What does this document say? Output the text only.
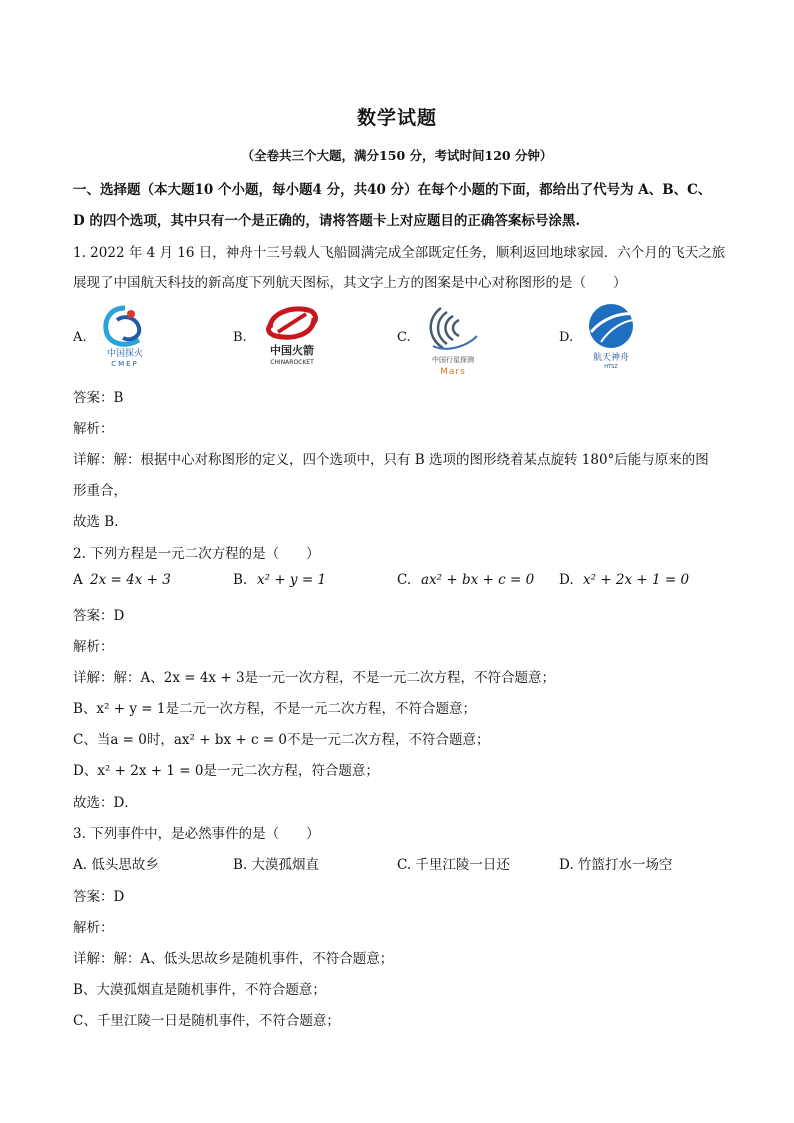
数学试题
（全卷共三个大题，满分150 分，考试时间120 分钟）
一、选择题（本大题10 个小题，每小题4 分，共40 分）在每个小题的下面，都给出了代号为 A、B、C、
D 的四个选项，其中只有一个是正确的，请将答题卡上对应题目的正确答案标号涂黑.
1. 2022 年 4 月 16 日，神舟十三号载人飞船圆满完成全部既定任务，顺利返回地球家园．六个月的飞天之旅
展现了中国航天科技的新高度下列航天图标，其文字上方的图案是中心对称图形的是（　　）
A.
中国探火
CMEP
B.
中国火箭
CHINAROCKET
C.
中国行星探测
Mars
D.
航天神舟
HTSZ
答案：B
解析：
详解：解：根据中心对称图形的定义，四个选项中，只有 B 选项的图形绕着某点旋转 180°后能与原来的图
形重合，
故选 B．
2. 下列方程是一元二次方程的是（　　）
A 2x = 4x + 3	B. x² + y = 1	C. ax² + bx + c = 0 D. x² + 2x + 1 = 0
答案：D
解析：
详解：解：A、2x = 4x + 3是一元一次方程，不是一元二次方程，不符合题意；
B、x² + y = 1是二元一次方程，不是一元二次方程，不符合题意；
C、当a = 0时，ax² + bx + c = 0不是一元二次方程，不符合题意；
D、x² + 2x + 1 = 0是一元二次方程，符合题意；
故选：D．
3. 下列事件中，是必然事件的是（　　）
A. 低头思故乡	B. 大漠孤烟直	C. 千里江陵一日还	D. 竹篮打水一场空
答案：D
解析：
详解：解：A、低头思故乡是随机事件，不符合题意；
B、大漠孤烟直是随机事件，不符合题意；
C、千里江陵一日是随机事件，不符合题意；
